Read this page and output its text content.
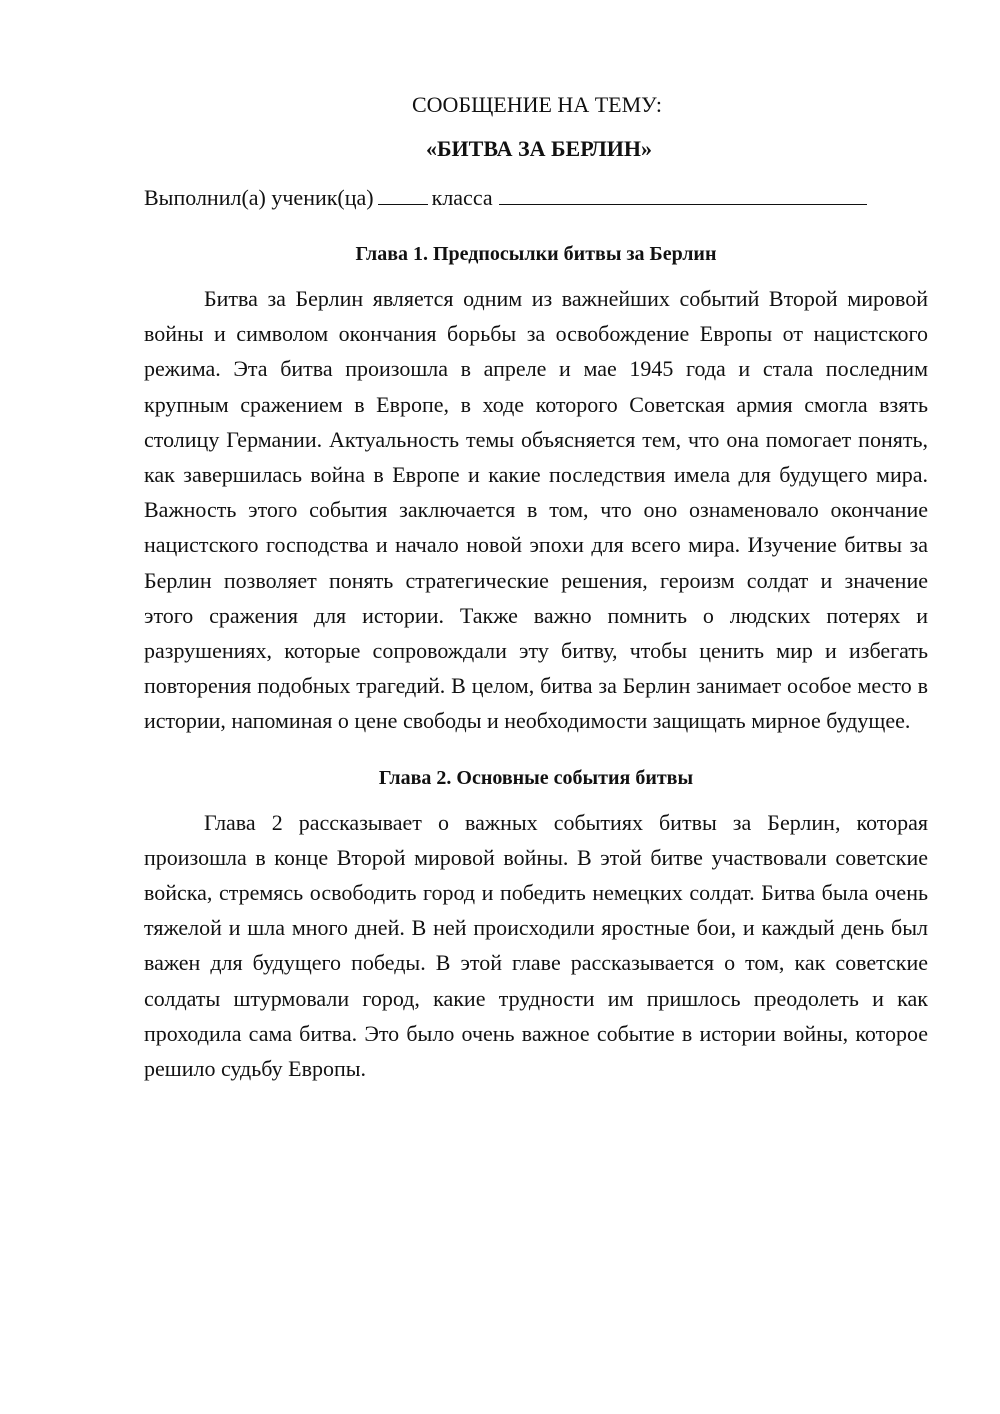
СООБЩЕНИЕ НА ТЕМУ:

«БИТВА ЗА БЕРЛИН»

Выполнил(а) ученик(ца)	класса

Глава 1. Предпосылки битвы за Берлин

Битва за Берлин является одним из важнейших событий Второй мировой войны и символом окончания борьбы за освобождение Европы от нацистского режима. Эта битва произошла в апреле и мае 1945 года и стала последним крупным сражением в Европе, в ходе которого Советская армия смогла взять столицу Германии. Актуальность темы объясняется тем, что она помогает понять, как завершилась война в Европе и какие последствия имела для будущего мира. Важность этого события заключается в том, что оно ознаменовало окончание нацистского господства и начало новой эпохи для всего мира. Изучение битвы за Берлин позволяет понять стратегические решения, героизм солдат и значение этого сражения для истории. Также важно помнить о людских потерях и разрушениях, которые сопровождали эту битву, чтобы ценить мир и избегать повторения подобных трагедий. В целом, битва за Берлин занимает особое место в истории, напоминая о цене свободы и необходимости защищать мирное будущее.

Глава 2. Основные события битвы

Глава 2 рассказывает о важных событиях битвы за Берлин, которая произошла в конце Второй мировой войны. В этой битве участвовали советские войска, стремясь освободить город и победить немецких солдат. Битва была очень тяжелой и шла много дней. В ней происходили яростные бои, и каждый день был важен для будущего победы. В этой главе рассказывается о том, как советские солдаты штурмовали город, какие трудности им пришлось преодолеть и как проходила сама битва. Это было очень важное событие в истории войны, которое решило судьбу Европы.
